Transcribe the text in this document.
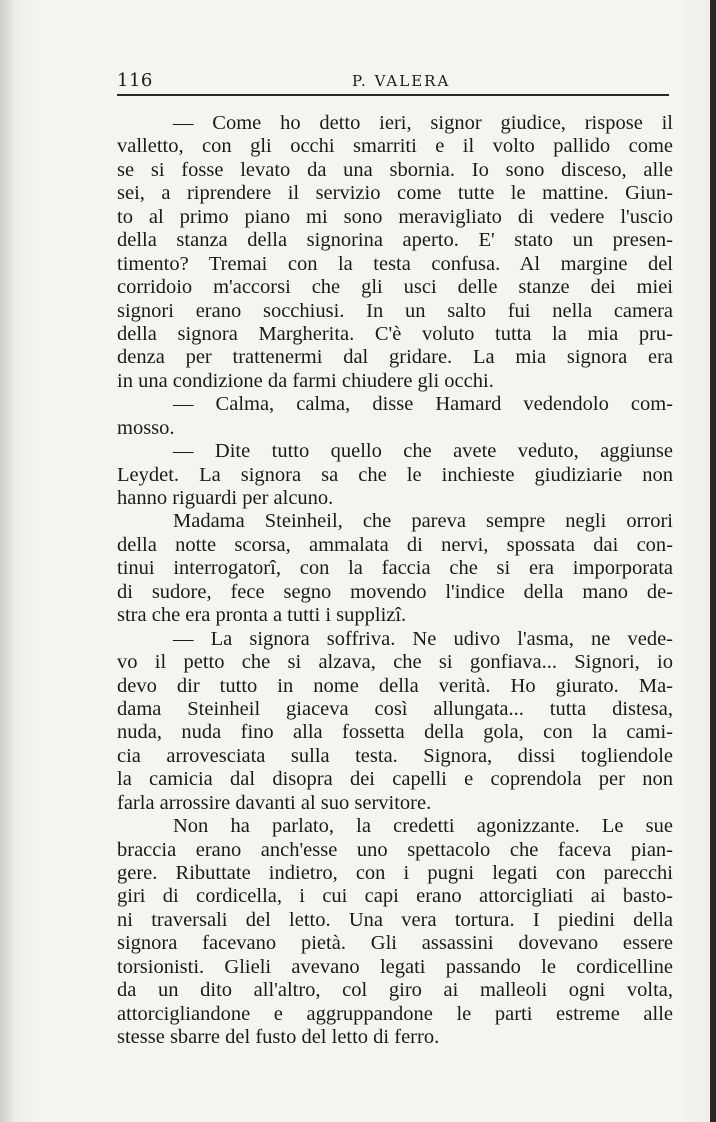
116	P. VALERA
— Come ho detto ieri, signor giudice, rispose il
valletto, con gli occhi smarriti e il volto pallido come
se si fosse levato da una sbornia. Io sono disceso, alle
sei, a riprendere il servizio come tutte le mattine. Giun-
to al primo piano mi sono meravigliato di vedere l'uscio
della stanza della signorina aperto. E' stato un presen-
timento? Tremai con la testa confusa. Al margine del
corridoio m'accorsi che gli usci delle stanze dei miei
signori erano socchiusi. In un salto fui nella camera
della signora Margherita. C'è voluto tutta la mia pru-
denza per trattenermi dal gridare. La mia signora era
in una condizione da farmi chiudere gli occhi.
— Calma, calma, disse Hamard vedendolo com-
mosso.
— Dite tutto quello che avete veduto, aggiunse
Leydet. La signora sa che le inchieste giudiziarie non
hanno riguardi per alcuno.
Madama Steinheil, che pareva sempre negli orrori
della notte scorsa, ammalata di nervi, spossata dai con-
tinui interrogatorî, con la faccia che si era imporporata
di sudore, fece segno movendo l'indice della mano de-
stra che era pronta a tutti i supplizî.
— La signora soffriva. Ne udivo l'asma, ne vede-
vo il petto che si alzava, che si gonfiava... Signori, io
devo dir tutto in nome della verità. Ho giurato. Ma-
dama Steinheil giaceva così allungata... tutta distesa,
nuda, nuda fino alla fossetta della gola, con la cami-
cia arrovesciata sulla testa. Signora, dissi togliendole
la camicia dal disopra dei capelli e coprendola per non
farla arrossire davanti al suo servitore.
Non ha parlato, la credetti agonizzante. Le sue
braccia erano anch'esse uno spettacolo che faceva pian-
gere. Ributtate indietro, con i pugni legati con parecchi
giri di cordicella, i cui capi erano attorcigliati ai basto-
ni traversali del letto. Una vera tortura. I piedini della
signora facevano pietà. Gli assassini dovevano essere
torsionisti. Glieli avevano legati passando le cordicelline
da un dito all'altro, col giro ai malleoli ogni volta,
attorcigliandone e aggruppandone le parti estreme alle
stesse sbarre del fusto del letto di ferro.
